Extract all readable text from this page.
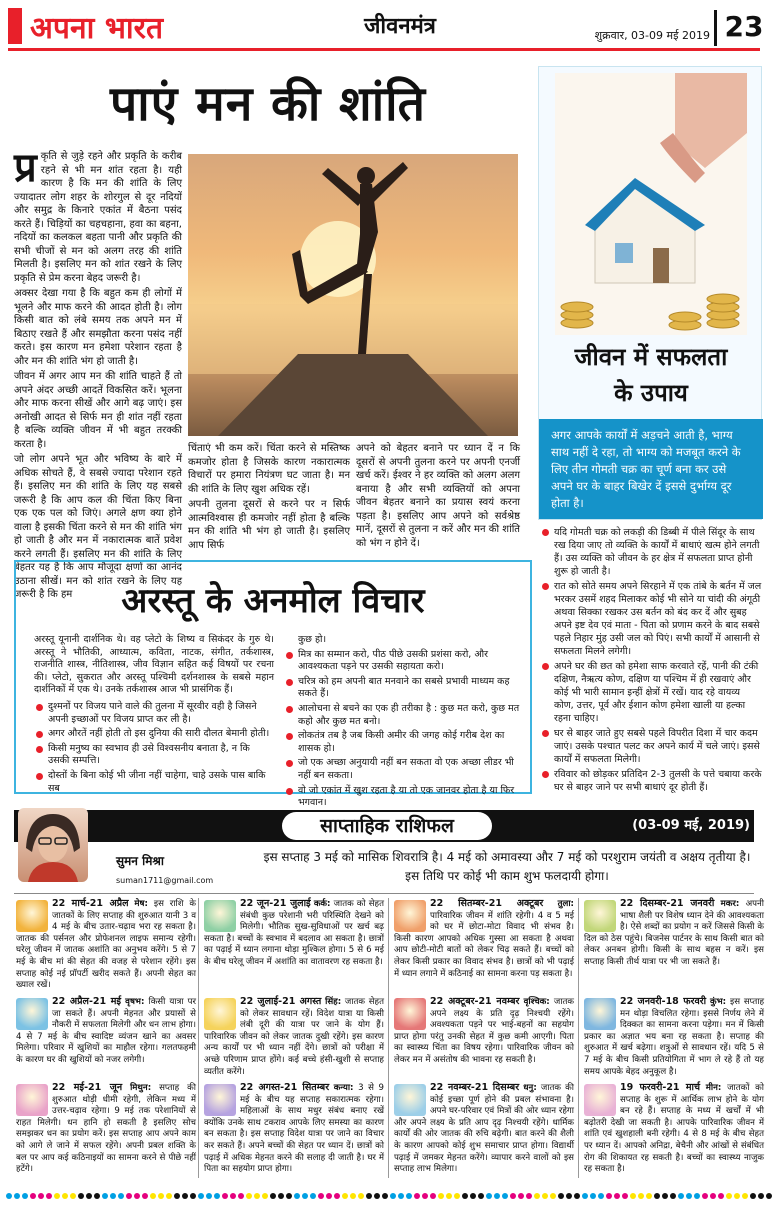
अपना भारत	जीवनमंत्र	शुक्रवार, 03-09 मई 2019 23
पाएं मन की शांति

प्र कृति से जुड़े रहने और प्रकृति के करीब रहने से भी मन शांत रहता है। यही कारण है कि मन की शांति के लिए ज्यादातर लोग शहर के शोरगुल से दूर नदियों और समुद्र के किनारे एकांत में बैठना पसंद करते हैं। चिड़ियों का चहचहाना, हवा का बहना, नदियों का कलकल बहता पानी और प्रकृति की सभी चीजों से मन को अलग तरह की शांति मिलती है। इसलिए मन को शांत रखने के लिए प्रकृति से प्रेम करना बेहद जरूरी है।

अक्सर देखा गया है कि बहुत कम ही लोगों में भूलने और माफ करने की आदत होती है। लोग किसी बात को लंबे समय तक अपने मन में बिठाए रखते हैं और समझौता करना पसंद नहीं करते। इस कारण मन हमेशा परेशान रहता है और मन की शांति भंग हो जाती है।

जीवन में अगर आप मन की शांति चाहते हैं तो अपने अंदर अच्छी आदतें विकसित करें। भूलना और माफ करना सीखें और आगे बढ़ जाएं। इस अनोखी आदत से सिर्फ मन ही शांत नहीं रहता है बल्कि व्यक्ति जीवन में भी बहुत तरक्की करता है।

जो लोग अपने भूत और भविष्य के बारे में अधिक सोचते हैं, वे सबसे ज्यादा परेशान रहते हैं। इसलिए मन की शांति के लिए यह सबसे जरूरी है कि आप कल की चिंता किए बिना एक एक पल को जिएं। अगले क्षण क्या होने वाला है इसकी चिंता करने से मन की शांति भंग हो जाती है और मन में नकारात्मक बातें प्रवेश करने लगती हैं। इसलिए मन की शांति के लिए बेहतर यह है कि आप मौजूदा क्षणों का आनंद उठाना सीखें। मन को शांत रखने के लिए यह जरूरी है कि हम

चिंताएं भी कम करें। चिंता करने से मस्तिष्क कमजोर होता है जिसके कारण नकारात्मक विचारों पर हमारा नियंत्रण घट जाता है। मन की शांति के लिए खुश अधिक रहें।

अपनी तुलना दूसरों से करने पर न सिर्फ आत्मविश्वास ही कमजोर नहीं होता है बल्कि मन की शांति भी भंग हो जाती है। इसलिए आप सिर्फ

अपने को बेहतर बनाने पर ध्यान दें न कि दूसरों से अपनी तुलना करने पर अपनी एनर्जी खर्च करें। ईश्वर ने हर व्यक्ति को अलग अलग बनाया है और सभी व्यक्तियों को अपना जीवन बेहतर बनाने का प्रयास स्वयं करना पड़ता है। इसलिए आप अपने को सर्वश्रेष्ठ मानें, दूसरों से तुलना न करें और मन की शांति को भंग न होने दें।

जीवन में सफलता
के उपाय
अगर आपके कार्यों में अड़चने आती है, भाग्य साथ नहीं दे रहा, तो भाग्य को मजबूत करने के लिए तीन गोमती चक्र का चूर्ण बना कर उसे अपने घर के बाहर बिखेर दें इससे दुर्भाग्य दूर होता है।
यदि गोमती चक्र को लकड़ी की डिब्बी में पीले सिंदूर के साथ रख दिया जाए तो व्यक्ति के कार्यों में बाधाएं खत्म होने लगती हैं। उस व्यक्ति को जीवन के हर क्षेत्र में सफलता प्राप्त होनी शुरू हो जाती है।
रात को सोते समय अपने सिरहाने में एक तांबे के बर्तन में जल भरकर उसमें शहद मिलाकर कोई भी सोने या चांदी की अंगूठी अथवा सिक्का रखकर उस बर्तन को बंद कर दें और सुबह अपने इष्ट देव एवं माता - पिता को प्रणाम करने के बाद सबसे पहले निहार मुंह उसी जल को पिएं। सभी कार्यों में आसानी से सफलता मिलने लगेगी।
अपने घर की छत को हमेशा साफ करवाते रहें, पानी की टंकी दक्षिण, नैऋत्य कोण, दक्षिण या पश्चिम में ही रखवाएं और कोई भी भारी सामान इन्हीं क्षेत्रों में रखें। याद रहे वायव्य कोण, उत्तर, पूर्व और ईशान कोण हमेशा खाली या हल्का रहना चाहिए।
घर से बाहर जाते हुए सबसे पहले विपरीत दिशा में चार कदम जाएं। उसके पश्चात पलट कर अपने कार्य में चले जाएं। इससे कार्यों में सफलता मिलेगी।
रविवार को छोड़कर प्रतिदिन 2-3 तुलसी के पत्ते चबाया करके घर से बाहर जाने पर सभी बाधाएं दूर होती हैं।
अरस्तू के अनमोल विचार

अरस्तू यूनानी दार्शनिक थे। वह प्लेटो के शिष्य व सिकंदर के गुरु थे। अरस्तू ने भौतिकी, आध्यात्म, कविता, नाटक, संगीत, तर्कशास्त्र, राजनीति शास्त्र, नीतिशास्त्र, जीव विज्ञान सहित कई विषयों पर रचना की। प्लेटो, सुकरात और अरस्तू पश्चिमी दर्शनशास्त्र के सबसे महान दार्शनिकों में एक थे। उनके तर्कशास्त्र आज भी प्रासंगिक हैं।

दुश्मनों पर विजय पाने वाले की तुलना में सूरवीर वही है जिसने अपनी इच्छाओं पर विजय प्राप्त कर ली है।
अगर औरतें नहीं होती तो इस दुनिया की सारी दौलत बेमानी होती।
किसी मनुष्य का स्वभाव ही उसे विश्वसनीय बनाता है, न कि उसकी सम्पत्ति।
दोस्तों के बिना कोई भी जीना नहीं चाहेगा, चाहे उसके पास बाकि सब

कुछ हो।

मित्र का सम्मान करो, पीठ पीछे उसकी प्रशंसा करो, और आवश्यकता पड़ने पर उसकी सहायता करो।
चरित्र को हम अपनी बात मनवाने का सबसे प्रभावी माध्यम कह सकते हैं।
आलोचना से बचने का एक ही तरीका है : कुछ मत करो, कुछ मत कहो और कुछ मत बनो।
लोकतंत्र तब है जब किसी अमीर की जगह कोई गरीब देश का शासक हो।
जो एक अच्छा अनुयायी नहीं बन सकता वो एक अच्छा लीडर भी नहीं बन सकता।
वो जो एकांत में खुश रहता है या तो एक जानवर होता है या फिर भगवान।
साप्ताहिक राशिफल	(03-09 मई, 2019)
सुमन मिश्रा
suman1711@gmail.com
इस सप्ताह 3 मई को मासिक शिवरात्रि है। 4 मई को अमावस्या और 7 मई को परशुराम जयंती व अक्षय तृतीया है। इस तिथि पर कोई भी काम शुभ फलदायी होगा।
22 मार्च-21 अप्रैल मेष: इस राशि के जातकों के लिए सप्ताह की शुरुआत यानी 3 व 4 मई के बीच उतार-चढ़ाव भरा रह सकता है। जातक की पर्सनल और प्रोफेशनल लाइफ समान्य रहेगी। घरेलू जीवन में जातक अशांति का अनुभव करेंगे। 5 से 7 मई के बीच मां की सेहत की वजह से परेशान रहेंगे। इस सप्ताह कोई नई प्रॉपर्टी खरीद सकते हैं। अपनी सेहत का ख्याल रखें।
22 अप्रैल-21 मई वृषभ: किसी यात्रा पर जा सकते हैं। अपनी मेहनत और प्रयासों से नौकरी में सफलता मिलेगी और धन लाभ होगा। 4 से 7 मई के बीच स्वादिष्ट व्यंजन खाने का अवसर मिलेगा। परिवार में खुशियों का माहौल रहेगा। गलतफहमी के कारण घर की खुशियों को नजर लगेगी।
22 मई-21 जून मिथुन: सप्ताह की शुरुआत थोड़ी धीमी रहेगी, लेकिन मध्य में उत्तर-चढ़ाव रहेगा। 9 मई तक परेशानियों से राहत मिलेगी। धन हानि हो सकती है इसलिए सोच समझकर धन का प्रयोग करें। इस सप्ताह आप अपने काम को आगे ले जाने में सफल रहेंगे। अपनी प्रबल शक्ति के बल पर आप कई कठिनाइयों का सामना करने से पीछे नहीं हटेंगे।
22 जून-21 जुलाई कर्क: जातक को सेहत संबंधी कुछ परेशानी भरी परिस्थिति देखने को मिलेगी। भौतिक सुख-सुविधाओं पर खर्च बढ़ सकता है। बच्चों के स्वभाव में बदलाव आ सकता है। छात्रों का पढ़ाई में ध्यान लगाना थोड़ा मुश्किल होगा। 5 से 6 मई के बीच घरेलू जीवन में अशांति का वातावरण रह सकता है।
22 जुलाई-21 अगस्त सिंह: जातक सेहत को लेकर सावधान रहें। विदेश यात्रा या किसी लंबी दूरी की यात्रा पर जाने के योग हैं। पारिवारिक जीवन को लेकर जातक दुखी रहेंगे। इस कारण अन्य कार्यों पर भी ध्यान नहीं देंगे। छात्रों को परीक्षा में अच्छे परिणाम प्राप्त होंगे। कई बच्चे हंसी-खुशी से सप्ताह व्यतीत करेंगे।
22 अगस्त-21 सितम्बर कन्या: 3 से 9 मई के बीच यह सप्ताह सकारात्मक रहेगा। महिलाओं के साथ मधुर संबंध बनाए रखें क्योंकि उनके साथ टकराव आपके लिए समस्या का कारण बन सकता है। इस सप्ताह विदेश यात्रा पर जाने का विचार कर सकते हैं। अपने बच्चों की सेहत पर ध्यान दें। छात्रों को पढ़ाई में अधिक मेहनत करने की सलाह दी जाती है। घर में पिता का सहयोग प्राप्त होगा।
22 सितम्बर-21 अक्टूबर तुला: पारिवारिक जीवन में शांति रहेगी। 4 व 5 मई को घर में छोटा-मोटा विवाद भी संभव है। किसी कारण आपको अधिक गुस्सा आ सकता है अथवा आप छोटी-मोटी बातों को लेकर चिढ़ सकते हैं। बच्चों को लेकर किसी प्रकार का विवाद संभव है। छात्रों को भी पढ़ाई में ध्यान लगाने में कठिनाई का सामना करना पड़ सकता है।
22 अक्टूबर-21 नवम्बर वृश्चिक: जातक अपने लक्ष्य के प्रति दृढ़ निश्चयी रहेंगे। अवश्यकता पड़ने पर भाई-बहनों का सहयोग प्राप्त होगा परंतु उनकी सेहत में कुछ कमी आएगी। पिता का स्वास्थ्य चिंता का विषय रहेगा। पारिवारिक जीवन को लेकर मन में असंतोष की भावना रह सकती है।
22 नवम्बर-21 दिसम्बर धनु: जातक की कोई इच्छा पूर्ण होने की प्रबल संभावना है। अपने घर-परिवार एवं मित्रों की ओर ध्यान रहेगा और अपने लक्ष्य के प्रति आप दृढ़ निश्चयी रहेंगे। धार्मिक कार्यों की ओर जातक की रुचि बढ़ेगी। बात करने की शैली के कारण आपको कोई शुभ समाचार प्राप्त होगा। विद्यार्थी पढ़ाई में जमकर मेहनत करेंगे। व्यापार करने वालों को इस सप्ताह लाभ मिलेगा।
22 दिसम्बर-21 जनवरी मकर: अपनी भाषा शैली पर विशेष ध्यान देने की आवश्यकता है। ऐसे शब्दों का प्रयोग न करें जिससे किसी के दिल को ठेस पहुंचे। बिजनेस पार्टनर के साथ किसी बात को लेकर अनबन होगी। किसी के साथ बहस न करें। इस सप्ताह किसी तीर्थ यात्रा पर भी जा सकते हैं।
22 जनवरी-18 फरवरी कुंभ: इस सप्ताह मन थोड़ा विचलित रहेगा। इससे निर्णय लेने में दिक्कत का सामना करना पड़ेगा। मन में किसी प्रकार का अज्ञात भय बना रह सकता है। सप्ताह की शुरुआत में खर्च बढ़ेगा। शत्रुओं से सावधान रहें। यदि 5 से 7 मई के बीच किसी प्रतियोगिता में भाग ले रहे हैं तो यह समय आपके बेहद अनुकूल है।
19 फरवरी-21 मार्च मीन: जातकों को सप्ताह के शुरू में आर्थिक लाभ होने के योग बन रहे हैं। सप्ताह के मध्य में खर्चों में भी बढ़ोतरी देखी जा सकती है। आपके पारिवारिक जीवन में शांति एवं खुशहाली बनी रहेगी। 4 से 8 मई के बीच सेहत पर ध्यान दें। आपको अनिद्रा, बेचैनी और आंखों से संबंधित रोग की शिकायत रह सकती है। बच्चों का स्वास्थ्य नाजुक रह सकता है।
